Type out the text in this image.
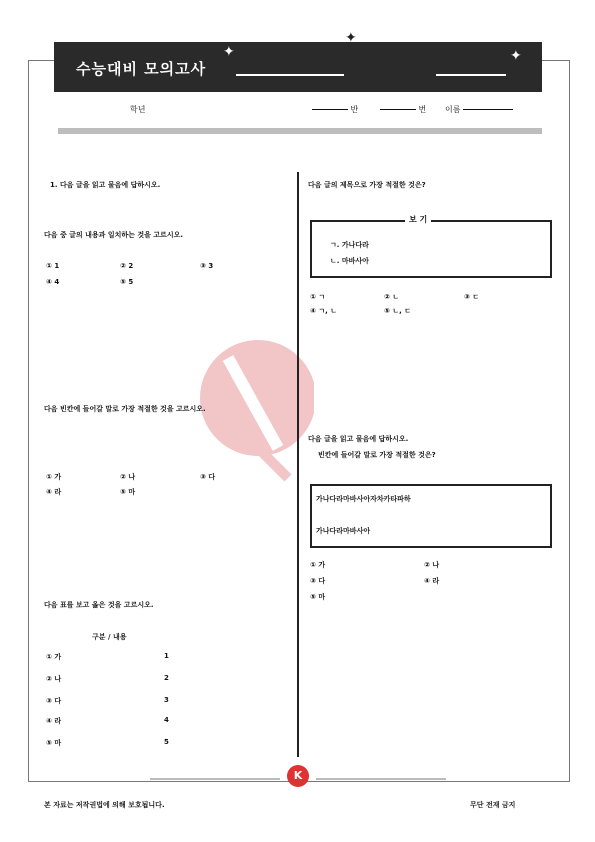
수능대비 모의고사
✦
✦
✦
학년	반	번 이름
1. 다음 글을 읽고 물음에 답하시오.
다음 중 글의 내용과 일치하는 것을 고르시오.
① 1	② 2	③ 3
④ 4	⑤ 5
다음 빈칸에 들어갈 말로 가장 적절한 것을 고르시오.
① 가	② 나	③ 다
④ 라	⑤ 마
다음 표를 보고 옳은 것을 고르시오.
구분 / 내용
① 가	1
② 나	2
③ 다	3
④ 라	4
⑤ 마	5
다음 글의 제목으로 가장 적절한 것은?
보 기
ㄱ. 가나다라
ㄴ. 마바사아
① ㄱ	② ㄴ	③ ㄷ
④ ㄱ, ㄴ	⑤ ㄴ, ㄷ
다음 글을 읽고 물음에 답하시오.
빈칸에 들어갈 말로 가장 적절한 것은?
가나다라마바사아자차카타파하
가나다라마바사아
① 가	② 나
③ 다	④ 라
⑤ 마
K
본 자료는 저작권법에 의해 보호됩니다.	무단 전재 금지
